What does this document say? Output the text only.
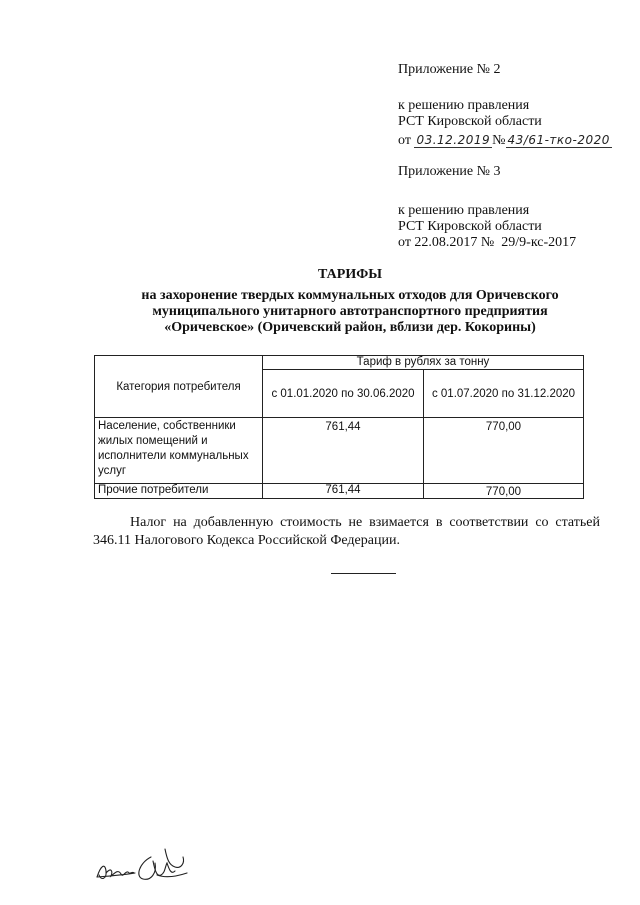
Приложение № 2
к решению правления
РСТ Кировской области
от 03.12.2019 № 43/61-тко-2020
Приложение № 3
к решению правления
РСТ Кировской области
от 22.08.2017 №  29/9-кс-2017
ТАРИФЫ
на захоронение твердых коммунальных отходов для Оричевского
муниципального унитарного автотранспортного предприятия
«Оричевское» (Оричевский район, вблизи дер. Кокорины)
Категория потребителя	Тариф в рублях за тонну	
	с 01.01.2020 по 30.06.2020	с 01.07.2020 по 31.12.2020
Население, собственники жилых помещений и исполнители коммунальных услуг	761,44	770,00
Прочие потребители	761,44	770,00

Налог на добавленную стоимость не взимается в соответствии со статьей 346.11 Налогового Кодекса Российской Федерации.
